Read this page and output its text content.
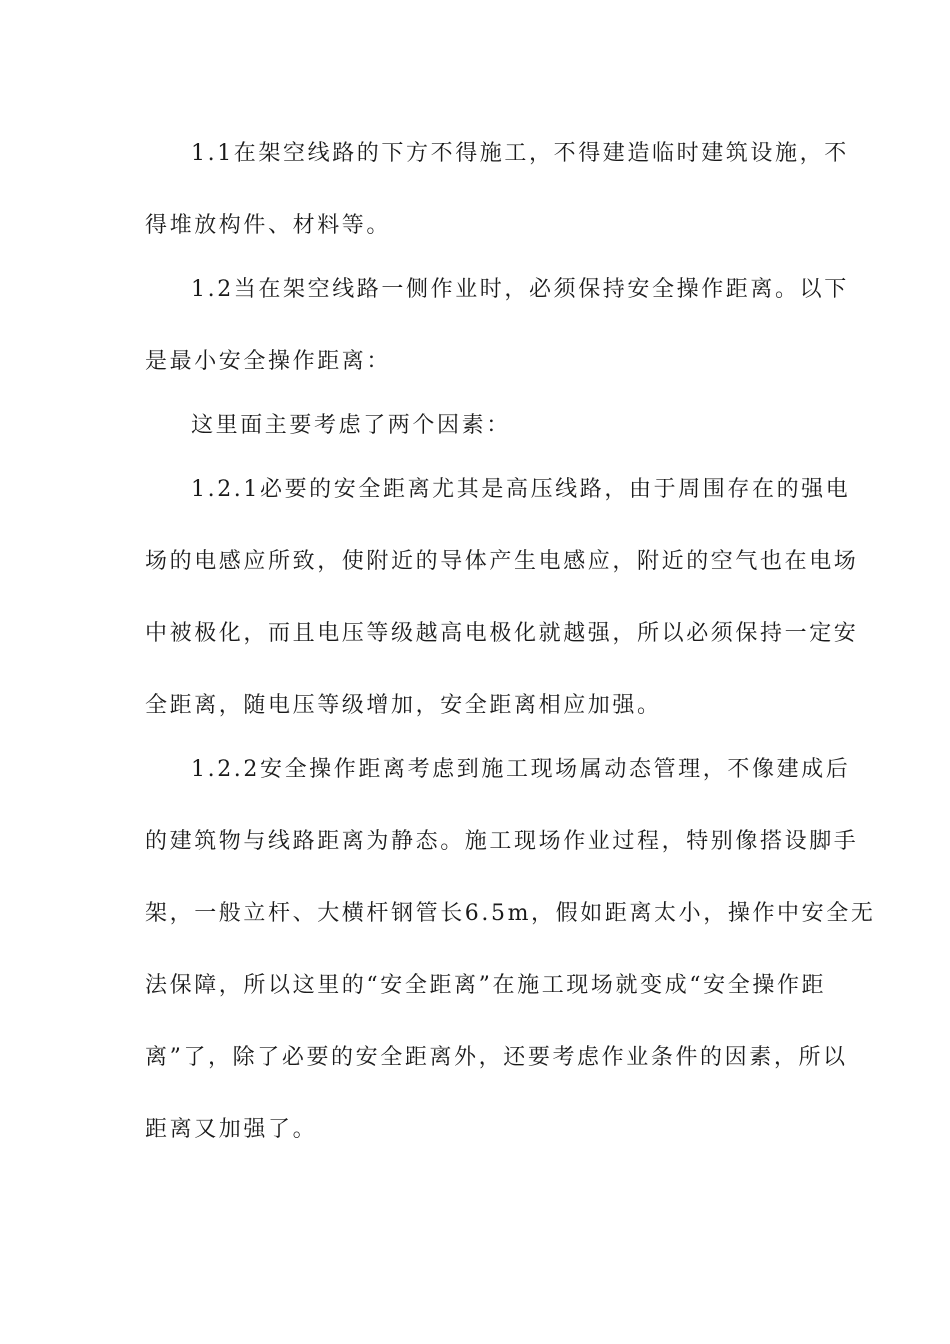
1.1在架空线路的下方不得施工，不得建造临时建筑设施，不
得堆放构件、材料等。
1.2当在架空线路一侧作业时，必须保持安全操作距离。以下
是最小安全操作距离：
这里面主要考虑了两个因素：
1.2.1必要的安全距离尤其是高压线路，由于周围存在的强电
场的电感应所致，使附近的导体产生电感应，附近的空气也在电场
中被极化，而且电压等级越高电极化就越强，所以必须保持一定安
全距离，随电压等级增加，安全距离相应加强。
1.2.2安全操作距离考虑到施工现场属动态管理，不像建成后
的建筑物与线路距离为静态。施工现场作业过程，特别像搭设脚手
架，一般立杆、大横杆钢管长6.5m，假如距离太小，操作中安全无
法保障，所以这里的“安全距离”在施工现场就变成“安全操作距
离”了，除了必要的安全距离外，还要考虑作业条件的因素，所以
距离又加强了。
